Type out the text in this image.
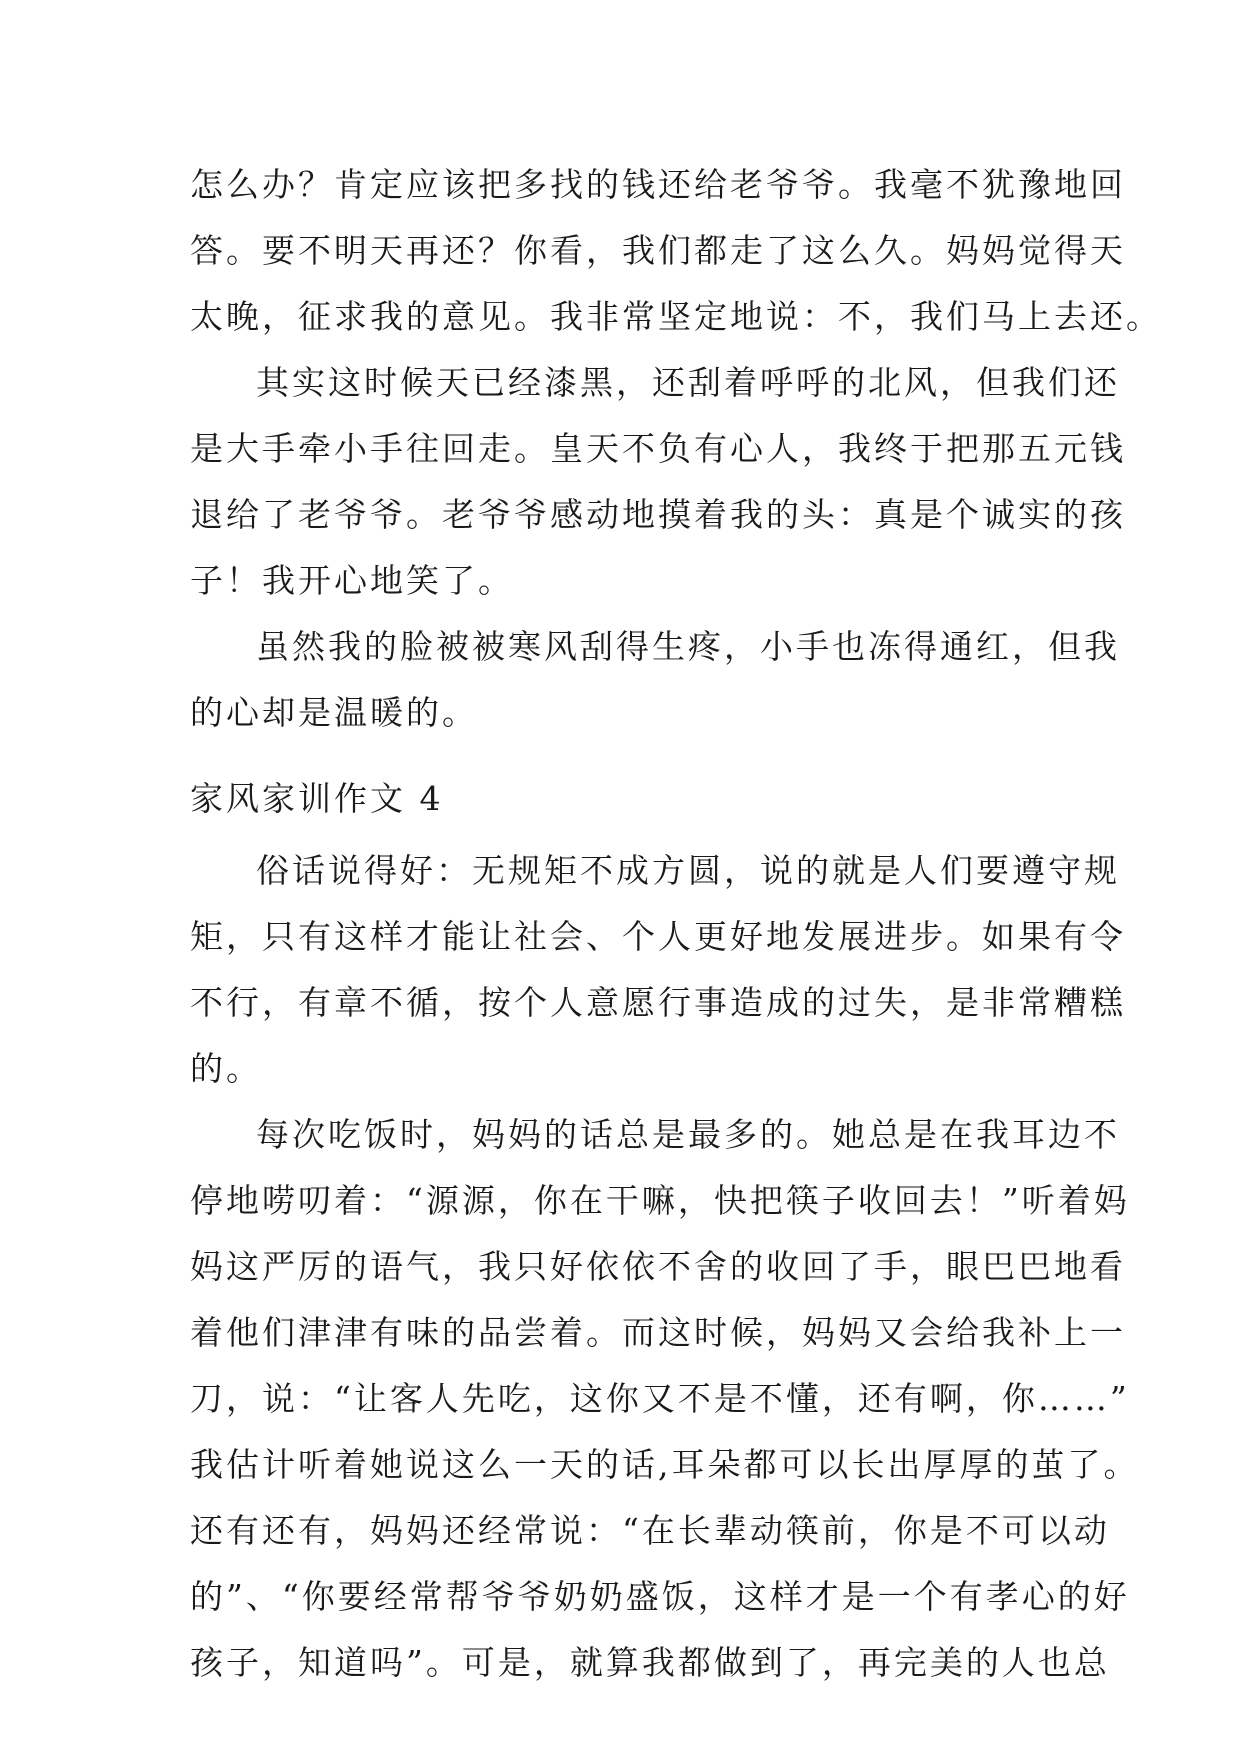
怎么办？肯定应该把多找的钱还给老爷爷。我毫不犹豫地回
答。要不明天再还？你看，我们都走了这么久。妈妈觉得天
太晚，征求我的意见。我非常坚定地说：不，我们马上去还。
其实这时候天已经漆黑，还刮着呼呼的北风，但我们还
是大手牵小手往回走。皇天不负有心人，我终于把那五元钱
退给了老爷爷。老爷爷感动地摸着我的头：真是个诚实的孩
子！我开心地笑了。
虽然我的脸被被寒风刮得生疼，小手也冻得通红，但我
的心却是温暖的。
家风家训作文 4
俗话说得好：无规矩不成方圆，说的就是人们要遵守规
矩，只有这样才能让社会、个人更好地发展进步。如果有令
不行，有章不循，按个人意愿行事造成的过失，是非常糟糕
的。
每次吃饭时，妈妈的话总是最多的。她总是在我耳边不
停地唠叨着：“源源，你在干嘛，快把筷子收回去！”听着妈
妈这严厉的语气，我只好依依不舍的收回了手，眼巴巴地看
着他们津津有味的品尝着。而这时候，妈妈又会给我补上一
刀，说：“让客人先吃，这你又不是不懂，还有啊，你……”
我估计听着她说这么一天的话,耳朵都可以长出厚厚的茧了。
还有还有，妈妈还经常说：“在长辈动筷前，你是不可以动
的”、“你要经常帮爷爷奶奶盛饭，这样才是一个有孝心的好
孩子，知道吗”。可是，就算我都做到了，再完美的人也总
